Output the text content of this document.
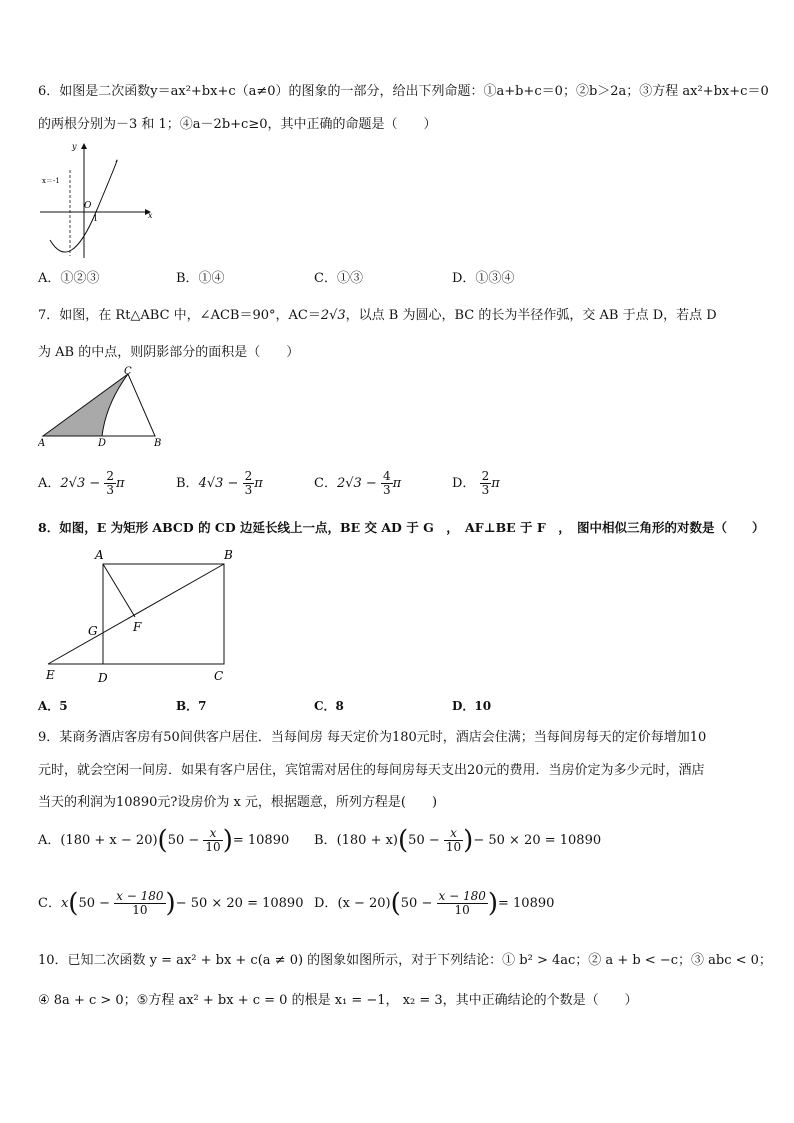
6．如图是二次函数y＝ax²+bx+c（a≠0）的图象的一部分，给出下列命题：①a+b+c＝0；②b＞2a；③方程 ax²+bx+c＝0
的两根分别为－3 和 1；④a－2b+c≥0，其中正确的命题是（　　）
x＝-1
y
x
O
1
A．①②③	B．①④	C．①③	D．①③④
7．如图，在 Rt△ABC 中，∠ACB＝90°，AC＝2√3，以点 B 为圆心，BC 的长为半径作弧，交 AB 于点 D，若点 D
为 AB 的中点，则阴影部分的面积是（　　）
A	B
C
D
A．$2√3 - \frac{2}{3}$ π	B．$4√3 - \frac{2}{3}$ π	C．$2√3 - \frac{4}{3}$ π	D． $\frac{2}{3}$ π
8．如图，E 为矩形 ABCD 的 CD 边延长线上一点，BE 交 AD 于 G　，　AF⊥BE 于 F　，　图中相似三角形的对数是（　　）
A	B
C
D
E
F
G
A．5	B．7	C．8	D．10
9．某商务酒店客房有50间供客户居住．当每间房 每天定价为180元时，酒店会住满；当每间房每天的定价每增加10
元时，就会空闲一间房．如果有客户居住，宾馆需对居住的每间房每天支出20元的费用．当房价定为多少元时，酒店
当天的利润为10890元?设房价为 x 元，根据题意，所列方程是(　　)
A．$(180 + x - 20)(50 - \frac{x}{10}$ )= 10890 B．$(180 + x)(50 - \frac{x}{10}$ )− 50 × 20 = 10890
C．$x(50 - \frac{x - 180}{10}$ )− 50 × 20 = 10890 D．$(x - 20)(50 - \frac{x - 180}{10}$ )= 10890
10．已知二次函数 y = ax² + bx + c(a ≠ 0) 的图象如图所示，对于下列结论：① b² > 4ac；② a + b < −c；③ abc < 0；
④ 8a + c > 0；⑤方程 ax² + bx + c = 0 的根是 x₁ = −1， x₂ = 3，其中正确结论的个数是（　　）
